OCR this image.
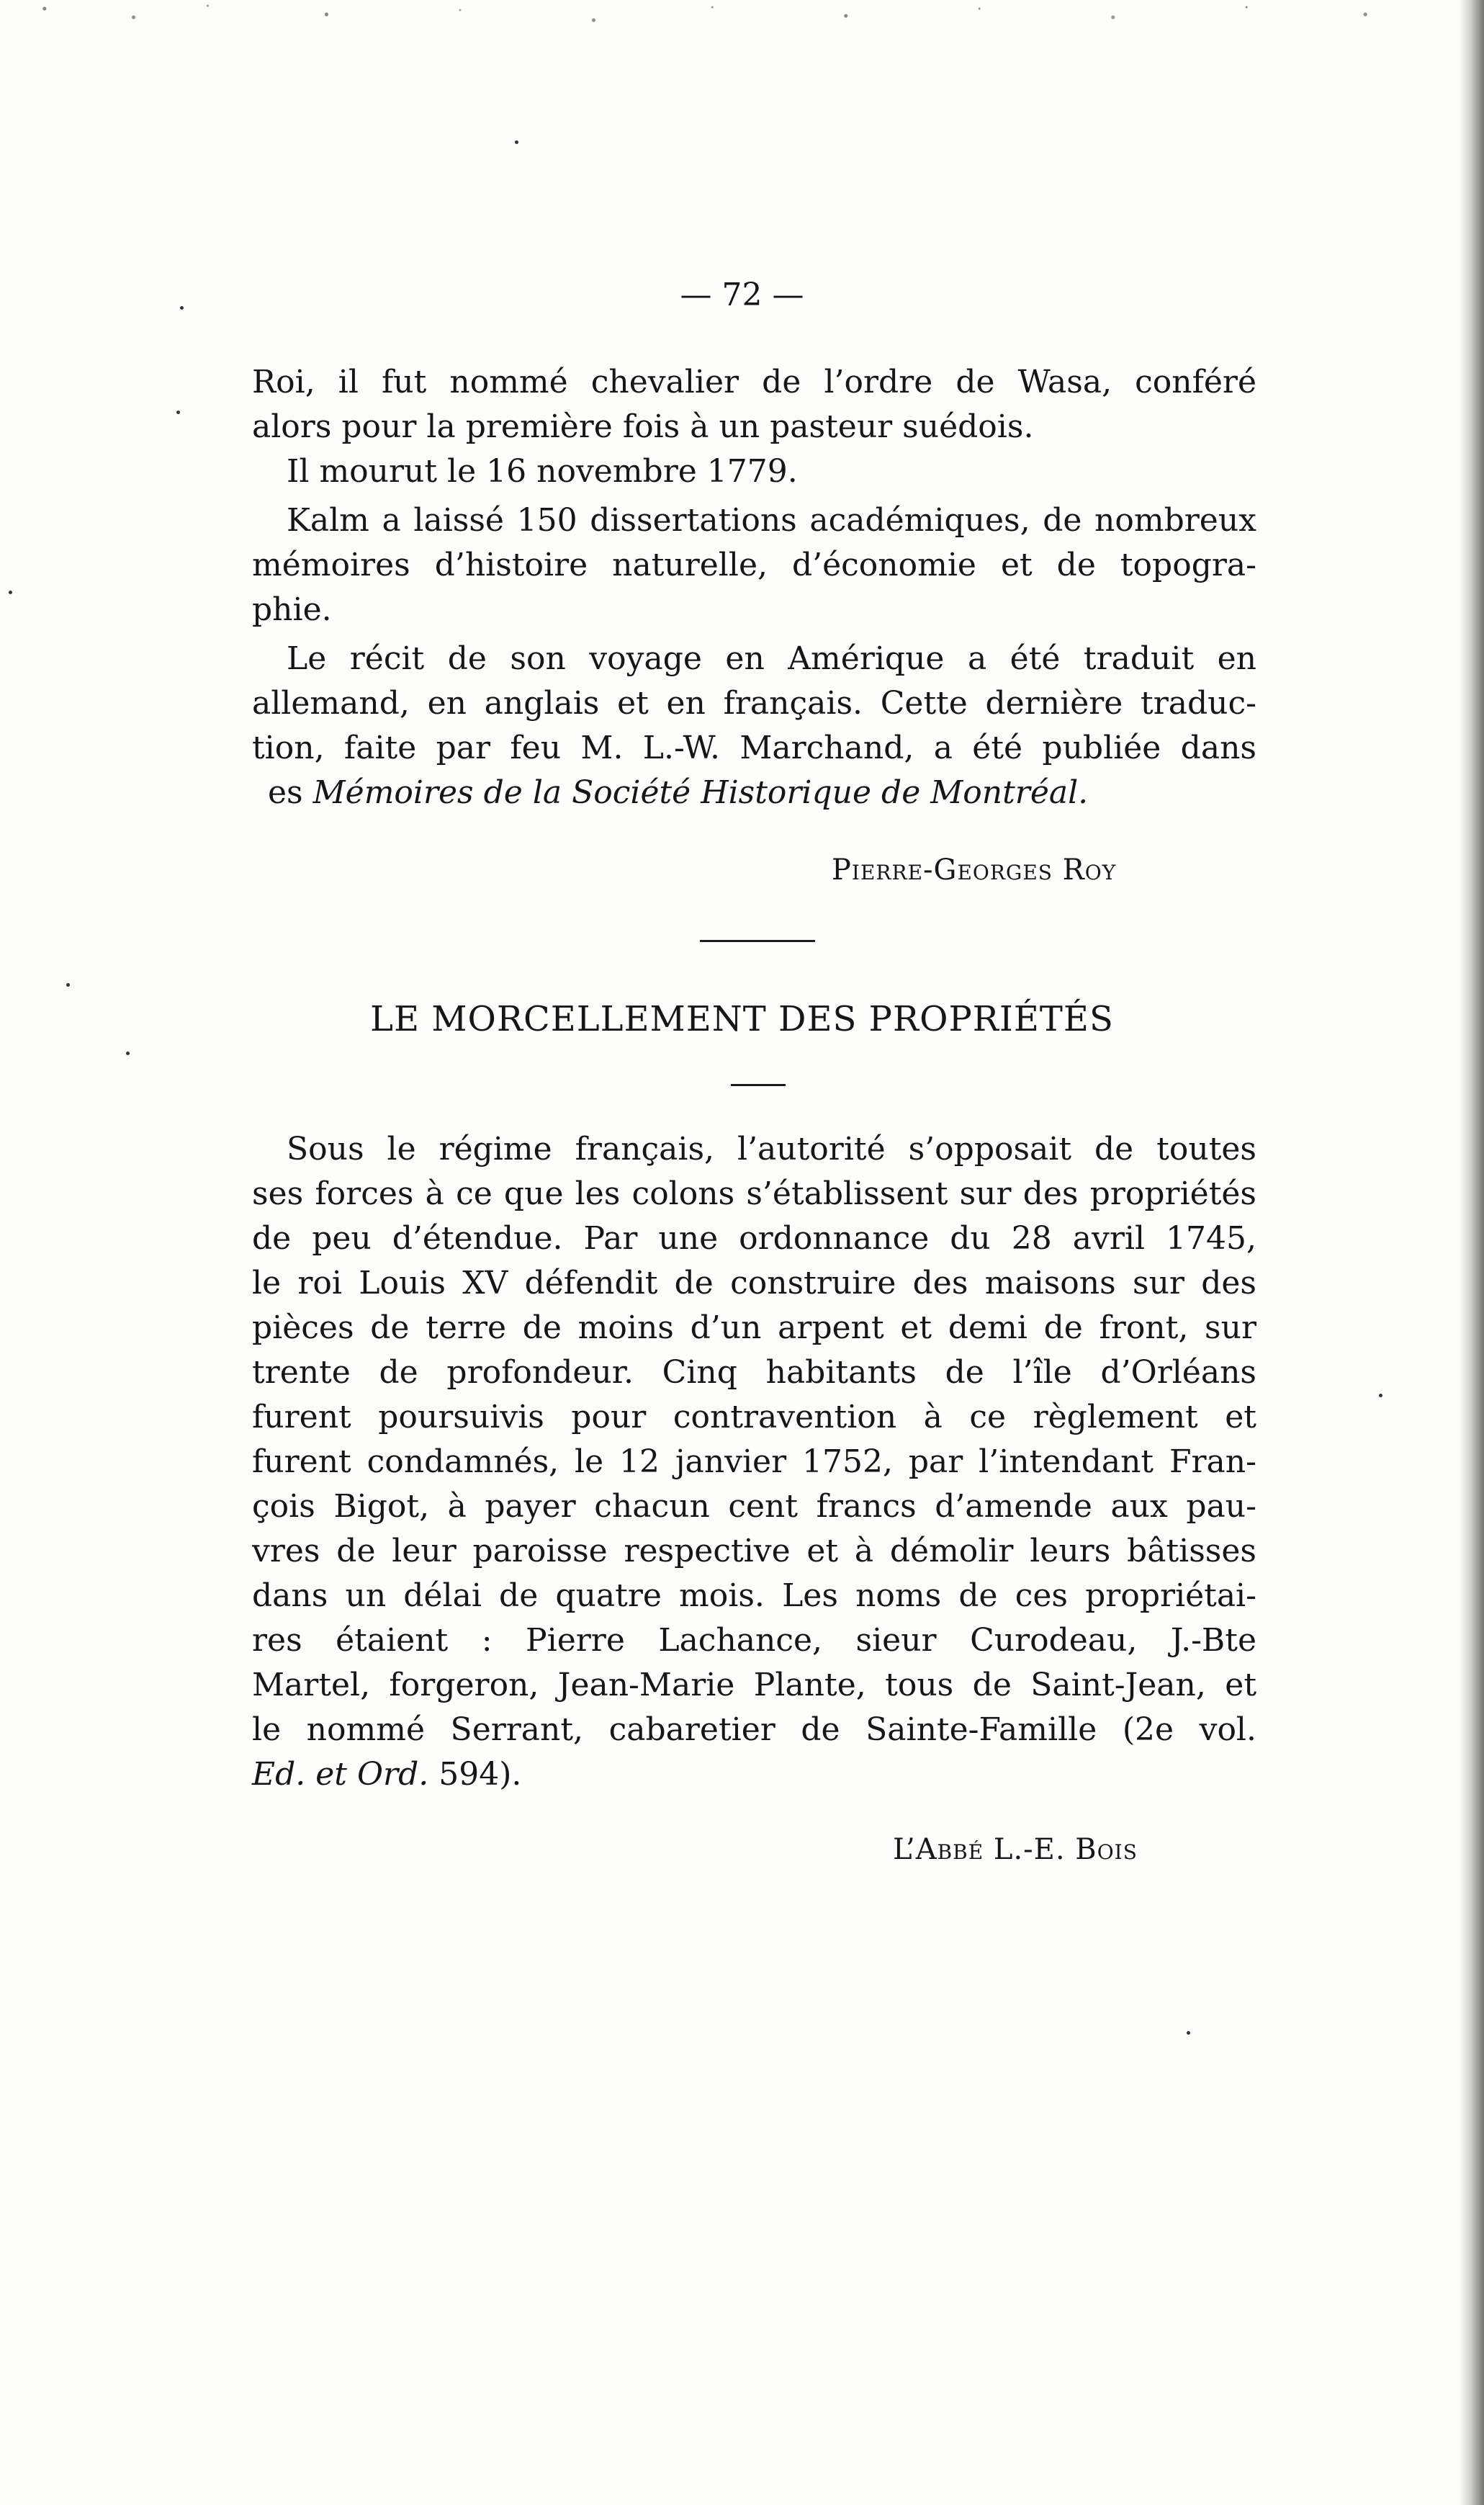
— 72 —
Roi, il fut nommé chevalier de l’ordre de Wasa, conféré
alors pour la première fois à un pasteur suédois.
Il mourut le 16 novembre 1779.
Kalm a laissé 150 dissertations académiques, de nombreux
mémoires d’histoire naturelle, d’économie et de topogra-
phie.
Le récit de son voyage en Amérique a été traduit en
allemand, en anglais et en français. Cette dernière traduc-
tion, faite par feu M. L.-W. Marchand, a été publiée dans
es Mémoires de la Société Historique de Montréal.
Pierre-Georges Roy
LE MORCELLEMENT DES PROPRIÉTÉS
Sous le régime français, l’autorité s’opposait de toutes
ses forces à ce que les colons s’établissent sur des propriétés
de peu d’étendue. Par une ordonnance du 28 avril 1745,
le roi Louis XV défendit de construire des maisons sur des
pièces de terre de moins d’un arpent et demi de front, sur
trente de profondeur. Cinq habitants de l’île d’Orléans
furent poursuivis pour contravention à ce règlement et
furent condamnés, le 12 janvier 1752, par l’intendant Fran-
çois Bigot, à payer chacun cent francs d’amende aux pau-
vres de leur paroisse respective et à démolir leurs bâtisses
dans un délai de quatre mois. Les noms de ces propriétai-
res étaient : Pierre Lachance, sieur Curodeau, J.-Bte
Martel, forgeron, Jean-Marie Plante, tous de Saint-Jean, et
le nommé Serrant, cabaretier de Sainte-Famille (2e vol.
Ed. et Ord. 594).
L’Abbé L.-E. Bois
